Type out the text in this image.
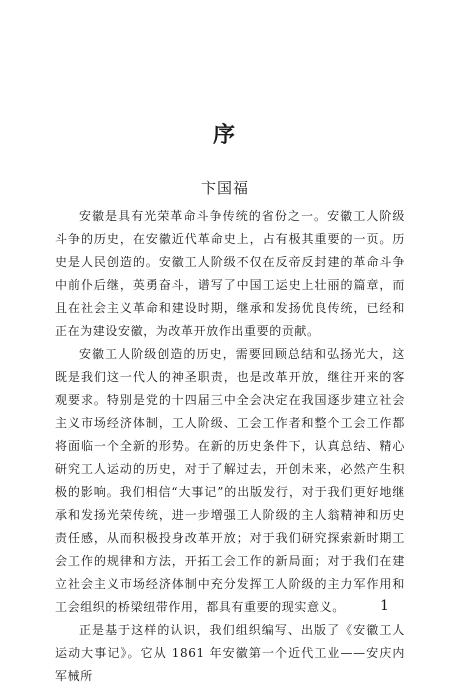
序
卞国福

安徽是具有光荣革命斗争传统的省份之一。安徽工人阶级斗争的历史，在安徽近代革命史上，占有极其重要的一页。历史是人民创造的。安徽工人阶级不仅在反帝反封建的革命斗争中前仆后继，英勇奋斗，谱写了中国工运史上壮丽的篇章，而且在社会主义革命和建设时期，继承和发扬优良传统，已经和正在为建设安徽，为改革开放作出重要的贡献。

安徽工人阶级创造的历史，需要回顾总结和弘扬光大，这既是我们这一代人的神圣职责，也是改革开放，继往开来的客观要求。特别是党的十四届三中全会决定在我国逐步建立社会主义市场经济体制，工人阶级、工会工作者和整个工会工作都将面临一个全新的形势。在新的历史条件下，认真总结、精心研究工人运动的历史，对于了解过去，开创未来，必然产生积极的影响。我们相信“大事记”的出版发行，对于我们更好地继承和发扬光荣传统，进一步增强工人阶级的主人翁精神和历史责任感，从而积极投身改革开放；对于我们研究探索新时期工会工作的规律和方法，开拓工会工作的新局面；对于我们在建立社会主义市场经济体制中充分发挥工人阶级的主力军作用和工会组织的桥梁纽带作用，都具有重要的现实意义。

正是基于这样的认识，我们组织编写、出版了《安徽工人运动大事记》。它从 1861 年安徽第一个近代工业——安庆内军械所

1
